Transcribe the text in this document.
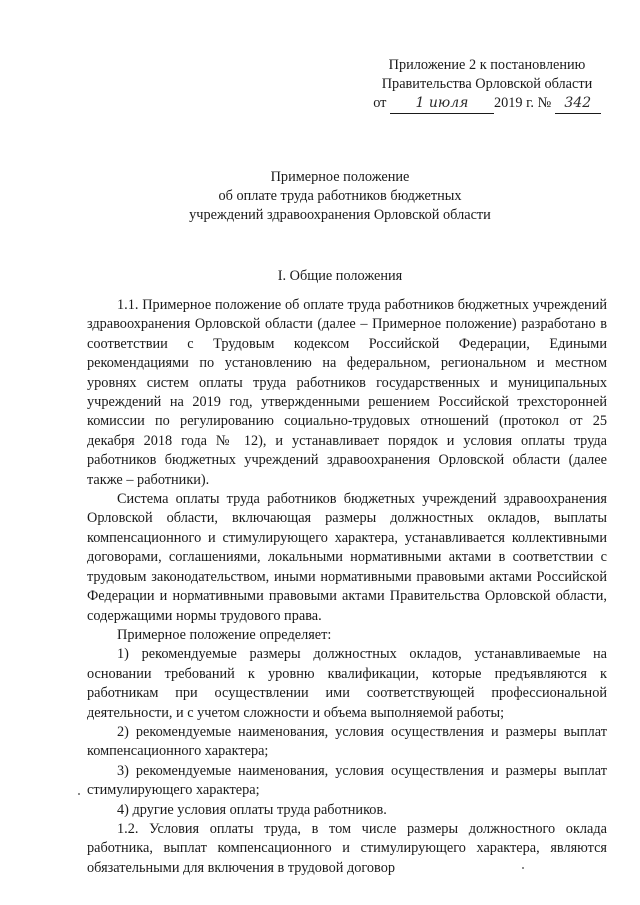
Приложение 2 к постановлению
Правительства Орловской области
от 1 июля 2019 г. № 342
Примерное положение
об оплате труда работников бюджетных
учреждений здравоохранения Орловской области
I. Общие положения

1.1. Примерное положение об оплате труда работников бюджетных учреждений здравоохранения Орловской области (далее – Примерное положение) разработано в соответствии с Трудовым кодексом Российской Федерации, Едиными рекомендациями по установлению на федеральном, региональном и местном уровнях систем оплаты труда работников государственных и муниципальных учреждений на 2019 год, утвержденными решением Российской трехсторонней комиссии по регулированию социально-трудовых отношений (протокол от 25 декабря 2018 года № 12), и устанавливает порядок и условия оплаты труда работников бюджетных учреждений здравоохранения Орловской области (далее также – работники).

Система оплаты труда работников бюджетных учреждений здравоохранения Орловской области, включающая размеры должностных окладов, выплаты компенсационного и стимулирующего характера, устанавливается коллективными договорами, соглашениями, локальными нормативными актами в соответствии с трудовым законодательством, иными нормативными правовыми актами Российской Федерации и нормативными правовыми актами Правительства Орловской области, содержащими нормы трудового права.

Примерное положение определяет:

1) рекомендуемые размеры должностных окладов, устанавливаемые на основании требований к уровню квалификации, которые предъявляются к работникам при осуществлении ими соответствующей профессиональной деятельности, и с учетом сложности и объема выполняемой работы;

2) рекомендуемые наименования, условия осуществления и размеры выплат компенсационного характера;

3) рекомендуемые наименования, условия осуществления и размеры выплат стимулирующего характера;

4) другие условия оплаты труда работников.

1.2. Условия оплаты труда, в том числе размеры должностного оклада работника, выплат компенсационного и стимулирующего характера, являются обязательными для включения в трудовой договор
